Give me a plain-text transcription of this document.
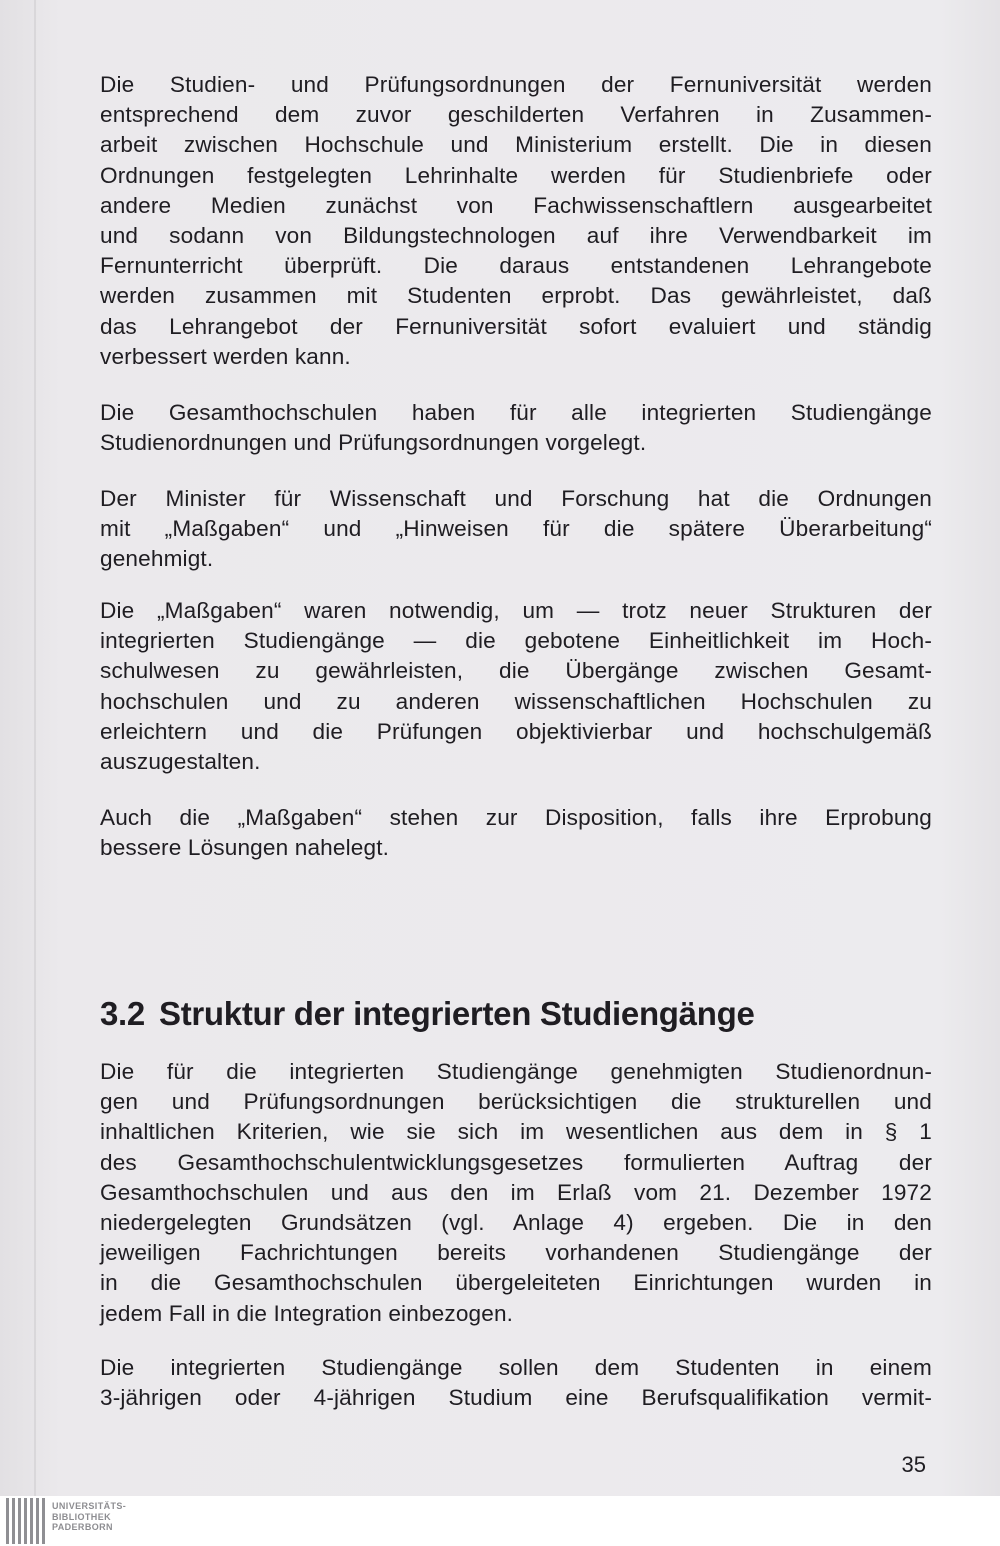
Die Studien- und Prüfungsordnungen der Fernuniversität werden
entsprechend dem zuvor geschilderten Verfahren in Zusammen-
arbeit zwischen Hochschule und Ministerium erstellt. Die in diesen
Ordnungen festgelegten Lehrinhalte werden für Studienbriefe oder
andere Medien zunächst von Fachwissenschaftlern ausgearbeitet
und sodann von Bildungstechnologen auf ihre Verwendbarkeit im
Fernunterricht überprüft. Die daraus entstandenen Lehrangebote
werden zusammen mit Studenten erprobt. Das gewährleistet, daß
das Lehrangebot der Fernuniversität sofort evaluiert und ständig
verbessert werden kann.
Die Gesamthochschulen haben für alle integrierten Studiengänge
Studienordnungen und Prüfungsordnungen vorgelegt.
Der Minister für Wissenschaft und Forschung hat die Ordnungen
mit „Maßgaben“ und „Hinweisen für die spätere Überarbeitung“
genehmigt.
Die „Maßgaben“ waren notwendig, um — trotz neuer Strukturen der
integrierten Studiengänge — die gebotene Einheitlichkeit im Hoch-
schulwesen zu gewährleisten, die Übergänge zwischen Gesamt-
hochschulen und zu anderen wissenschaftlichen Hochschulen zu
erleichtern und die Prüfungen objektivierbar und hochschulgemäß
auszugestalten.
Auch die „Maßgaben“ stehen zur Disposition, falls ihre Erprobung
bessere Lösungen nahelegt.
3.2 Struktur der integrierten Studiengänge
Die für die integrierten Studiengänge genehmigten Studienordnun-
gen und Prüfungsordnungen berücksichtigen die strukturellen und
inhaltlichen Kriterien, wie sie sich im wesentlichen aus dem in § 1
des Gesamthochschulentwicklungsgesetzes formulierten Auftrag der
Gesamthochschulen und aus den im Erlaß vom 21. Dezember 1972
niedergelegten Grundsätzen (vgl. Anlage 4) ergeben. Die in den
jeweiligen Fachrichtungen bereits vorhandenen Studiengänge der
in die Gesamthochschulen übergeleiteten Einrichtungen wurden in
jedem Fall in die Integration einbezogen.
Die integrierten Studiengänge sollen dem Studenten in einem
3-jährigen oder 4-jährigen Studium eine Berufsqualifikation vermit-

35

UNIVERSITÄTS-
BIBLIOTHEK
PADERBORN
